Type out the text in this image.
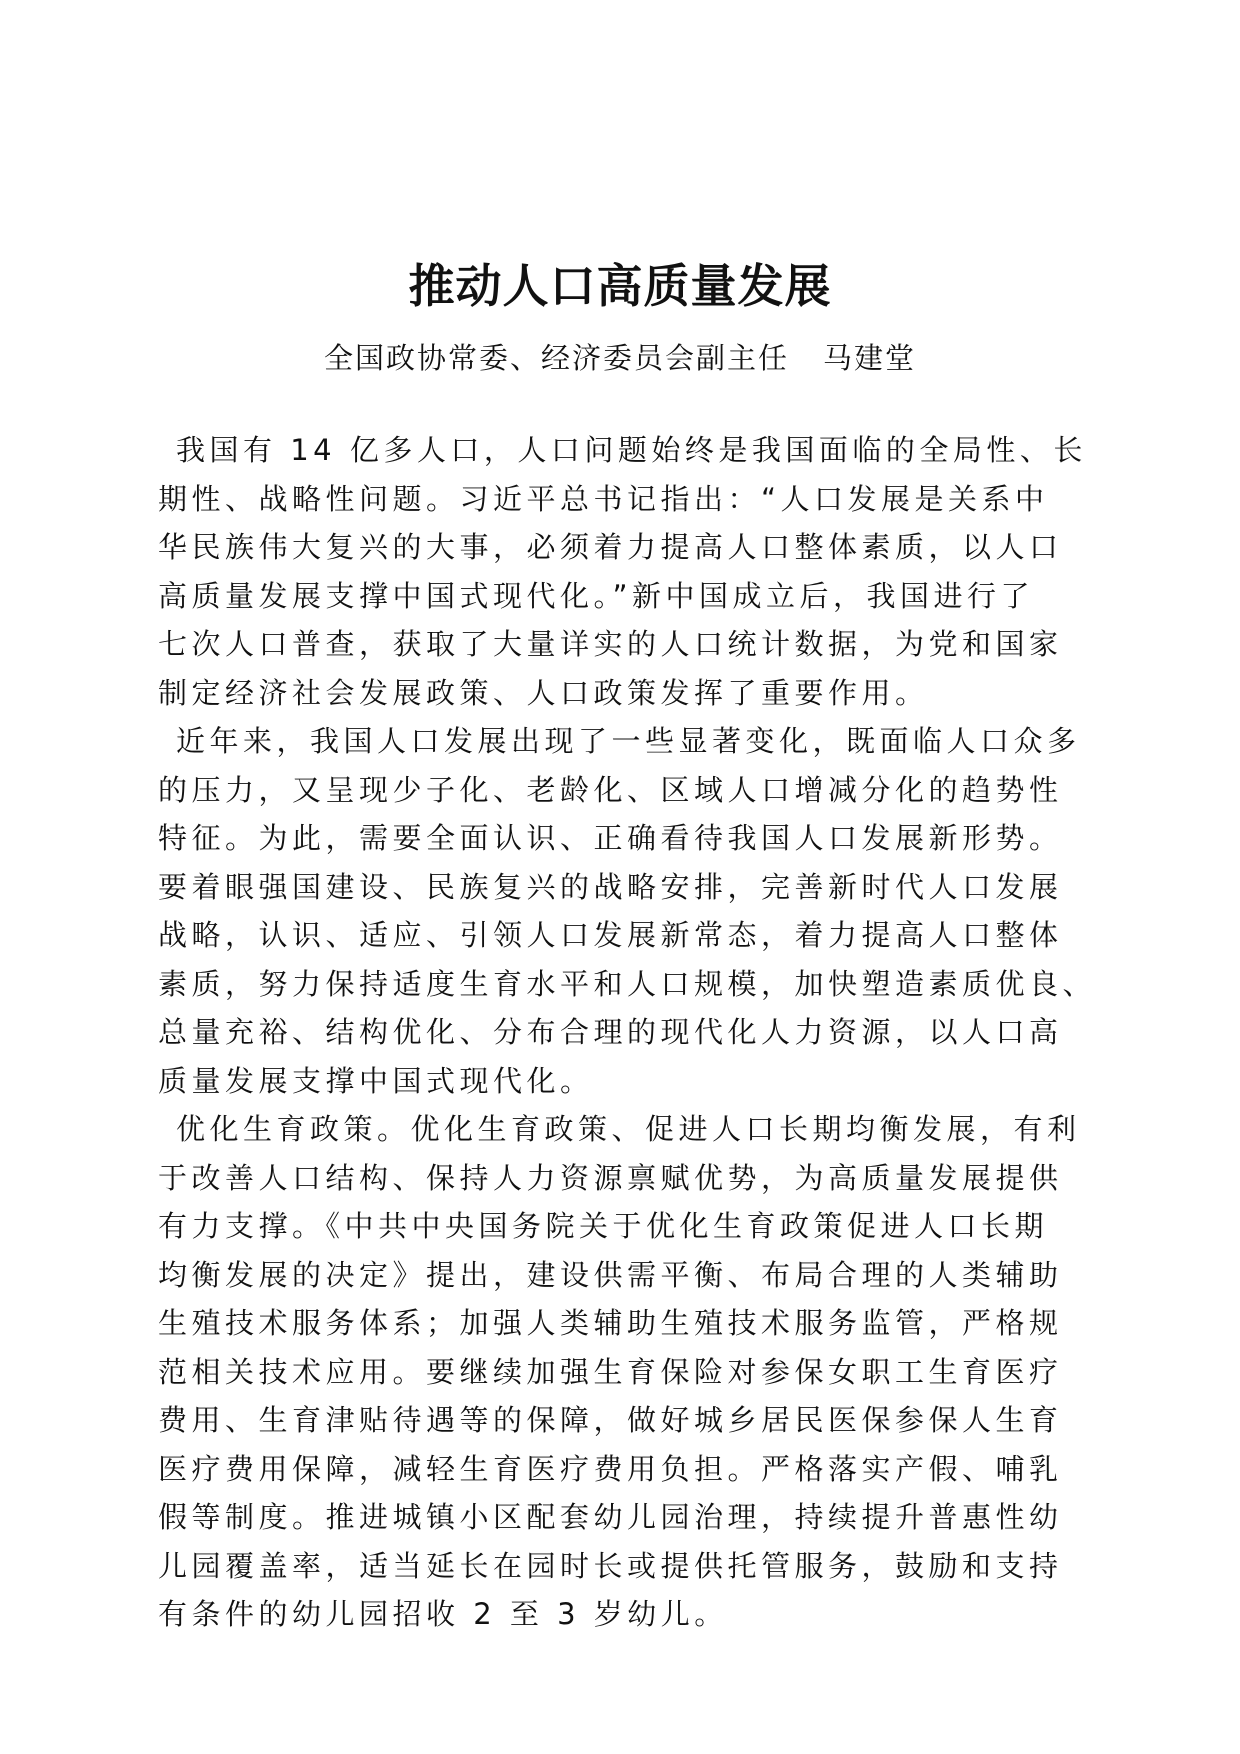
推动人口高质量发展
全国政协常委、经济委员会副主任 马建堂
我国有 14 亿多人口，人口问题始终是我国面临的全局性、长
期性、战略性问题。习近平总书记指出：“人口发展是关系中
华民族伟大复兴的大事，必须着力提高人口整体素质，以人口
高质量发展支撑中国式现代化。”新中国成立后，我国进行了
七次人口普查，获取了大量详实的人口统计数据，为党和国家
制定经济社会发展政策、人口政策发挥了重要作用。
近年来，我国人口发展出现了一些显著变化，既面临人口众多
的压力，又呈现少子化、老龄化、区域人口增减分化的趋势性
特征。为此，需要全面认识、正确看待我国人口发展新形势。
要着眼强国建设、民族复兴的战略安排，完善新时代人口发展
战略，认识、适应、引领人口发展新常态，着力提高人口整体
素质，努力保持适度生育水平和人口规模，加快塑造素质优良、
总量充裕、结构优化、分布合理的现代化人力资源，以人口高
质量发展支撑中国式现代化。
优化生育政策。优化生育政策、促进人口长期均衡发展，有利
于改善人口结构、保持人力资源禀赋优势，为高质量发展提供
有力支撑。《中共中央国务院关于优化生育政策促进人口长期
均衡发展的决定》提出，建设供需平衡、布局合理的人类辅助
生殖技术服务体系；加强人类辅助生殖技术服务监管，严格规
范相关技术应用。要继续加强生育保险对参保女职工生育医疗
费用、生育津贴待遇等的保障，做好城乡居民医保参保人生育
医疗费用保障，减轻生育医疗费用负担。严格落实产假、哺乳
假等制度。推进城镇小区配套幼儿园治理，持续提升普惠性幼
儿园覆盖率，适当延长在园时长或提供托管服务，鼓励和支持
有条件的幼儿园招收 2 至 3 岁幼儿。
